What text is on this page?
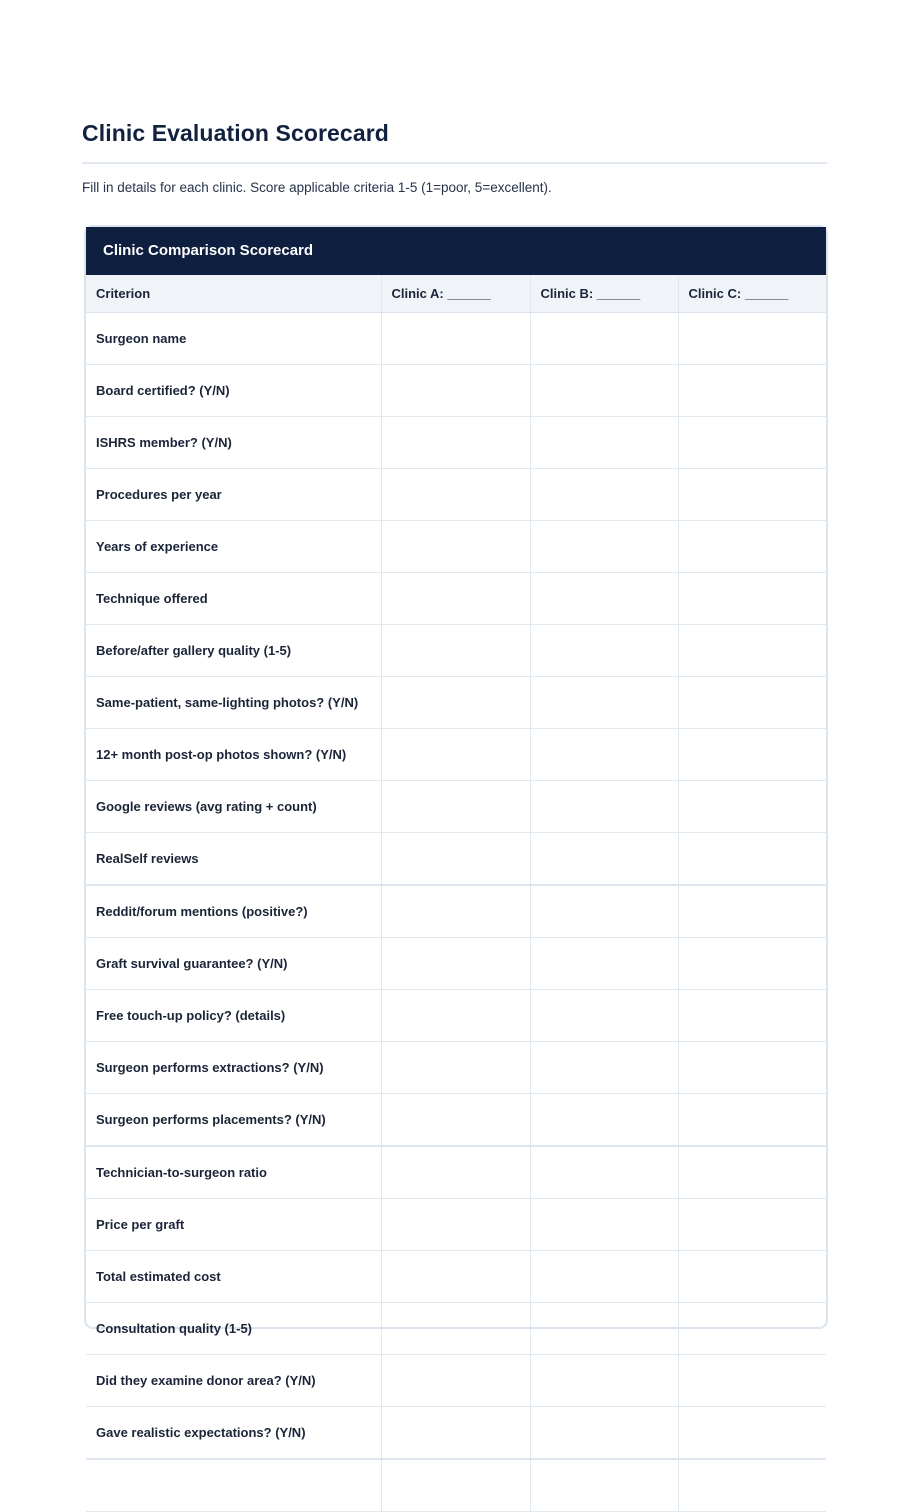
Clinic Evaluation Scorecard

Fill in details for each clinic. Score applicable criteria 1-5 (1=poor, 5=excellent).

Clinic Comparison Scorecard
Criterion	Clinic A: ______	Clinic B: ______	Clinic C: ______
Surgeon name			
Board certified? (Y/N)			
ISHRS member? (Y/N)			
Procedures per year			
Years of experience			
Technique offered			
Before/after gallery quality (1-5)			
Same-patient, same-lighting photos? (Y/N)			
12+ month post-op photos shown? (Y/N)			
Google reviews (avg rating + count)			
RealSelf reviews			
Reddit/forum mentions (positive?)			
Graft survival guarantee? (Y/N)			
Free touch-up policy? (details)			
Surgeon performs extractions? (Y/N)			
Surgeon performs placements? (Y/N)			
Technician-to-surgeon ratio			
Price per graft			
Total estimated cost			
Consultation quality (1-5)			
Did they examine donor area? (Y/N)			
Gave realistic expectations? (Y/N)			
